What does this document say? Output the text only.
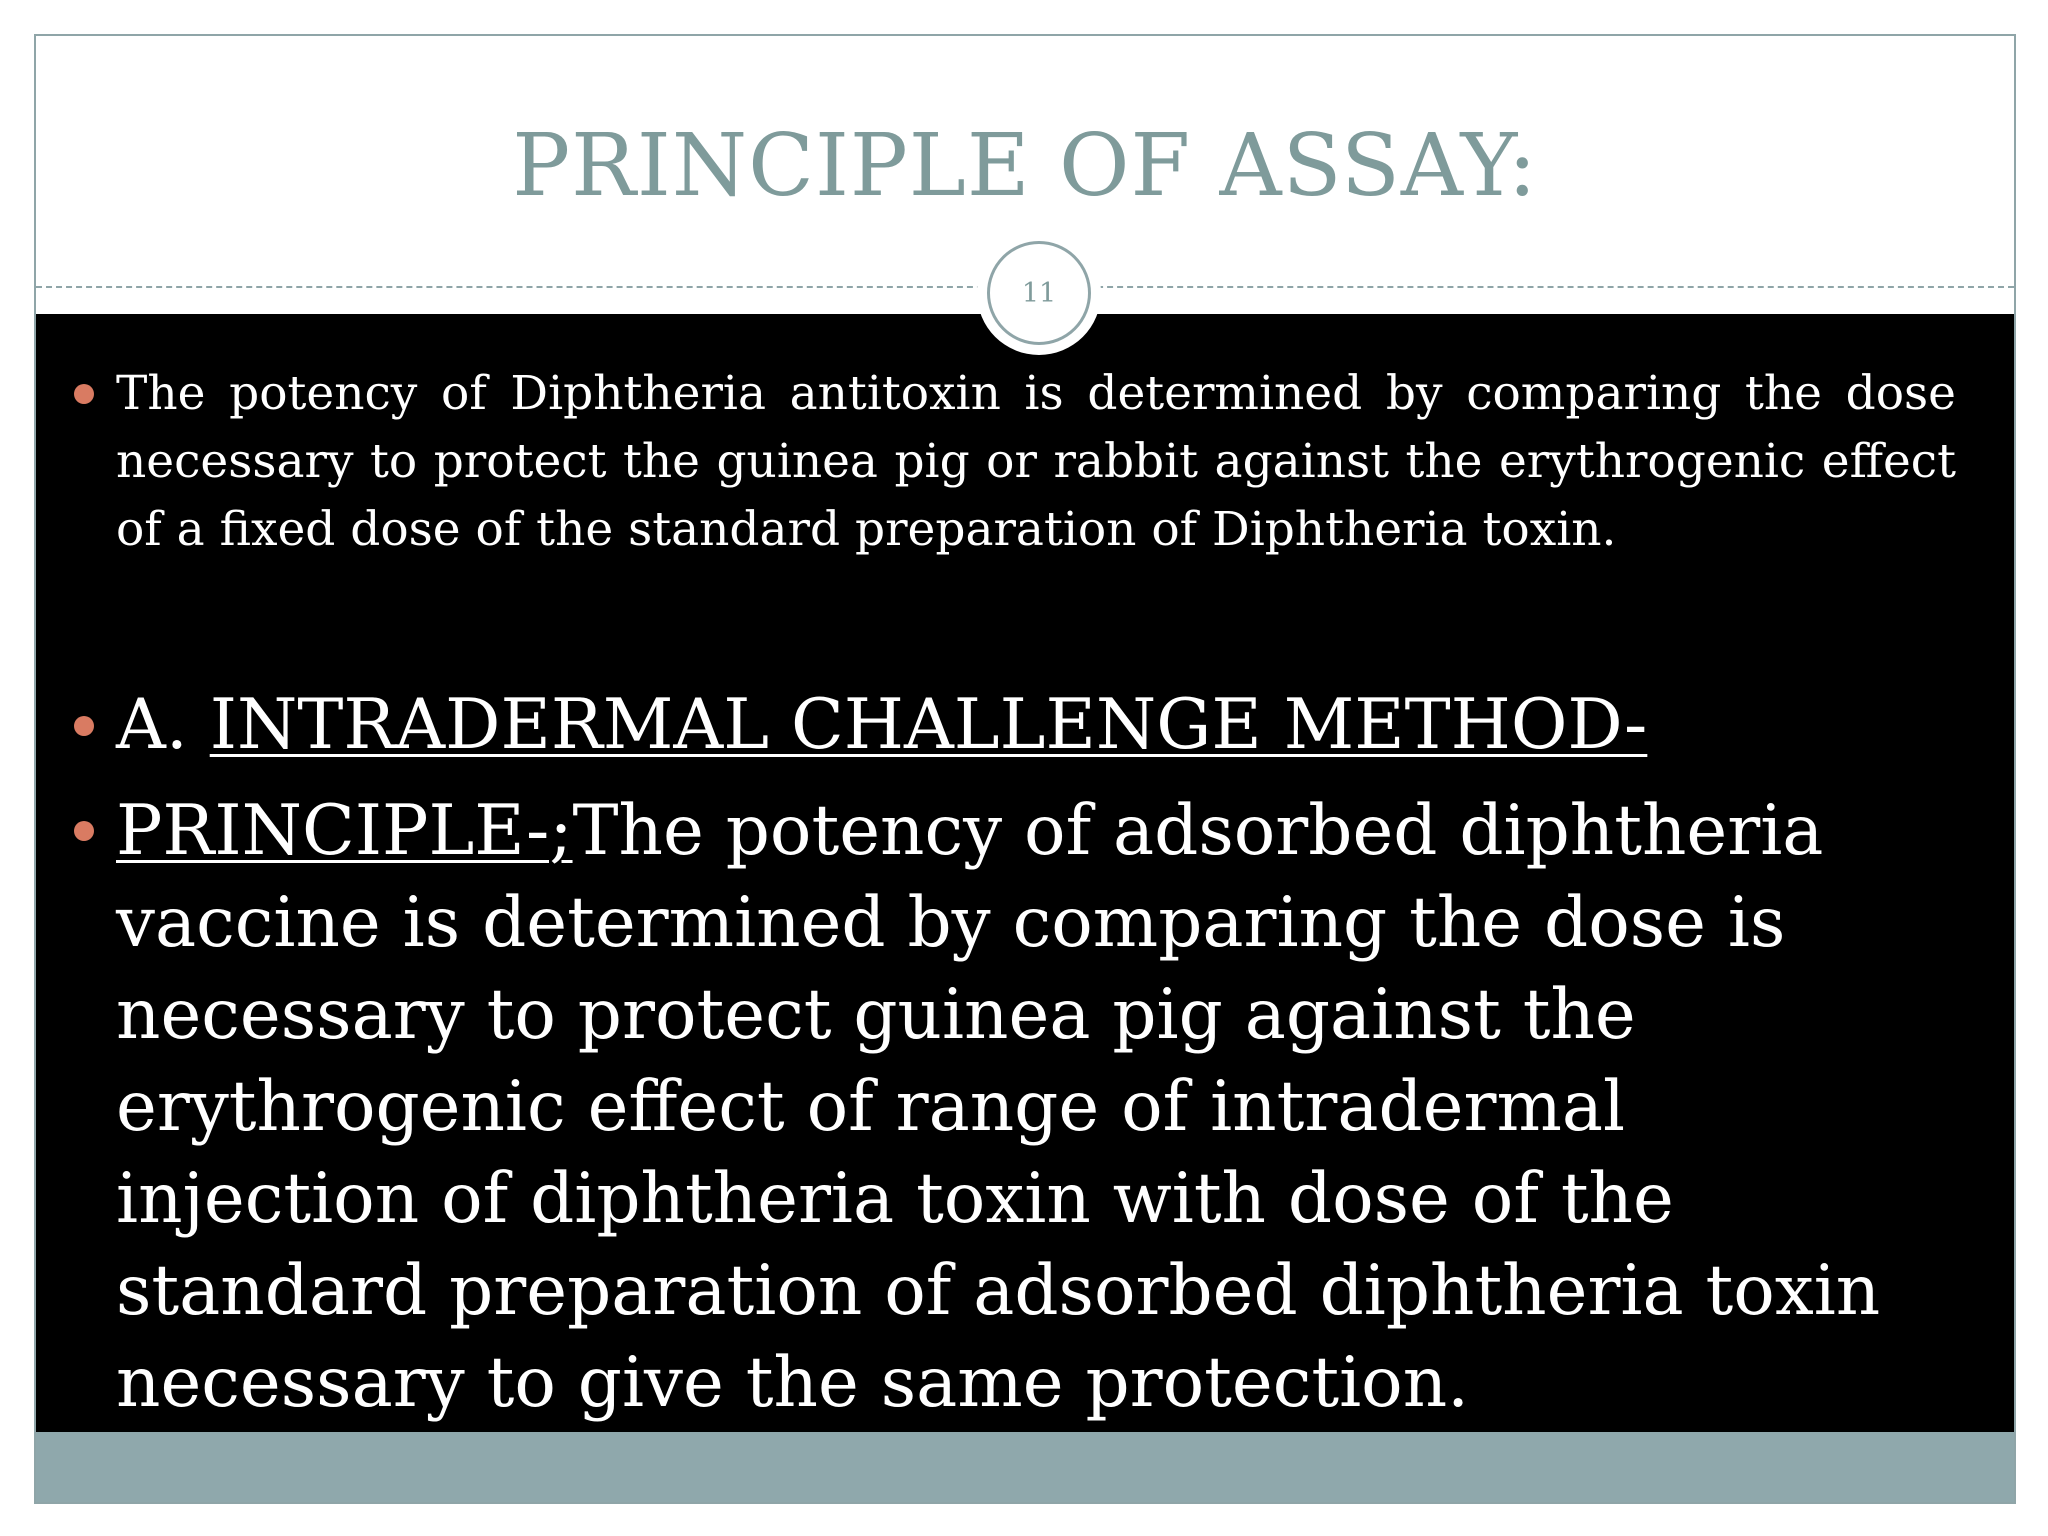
PRINCIPLE OF ASSAY:
11
The potency of Diphtheria antitoxin is determined by comparing the dose necessary to protect the guinea pig or rabbit against the erythrogenic effect of a fixed dose of the standard preparation of Diphtheria toxin.
A. INTRADERMAL CHALLENGE METHOD-
PRINCIPLE-;The potency of adsorbed diphtheria vaccine is determined by comparing the dose is necessary to protect guinea pig against the erythrogenic effect of range of intradermal injection of diphtheria toxin with dose of the standard preparation of adsorbed diphtheria toxin necessary to give the same protection.
